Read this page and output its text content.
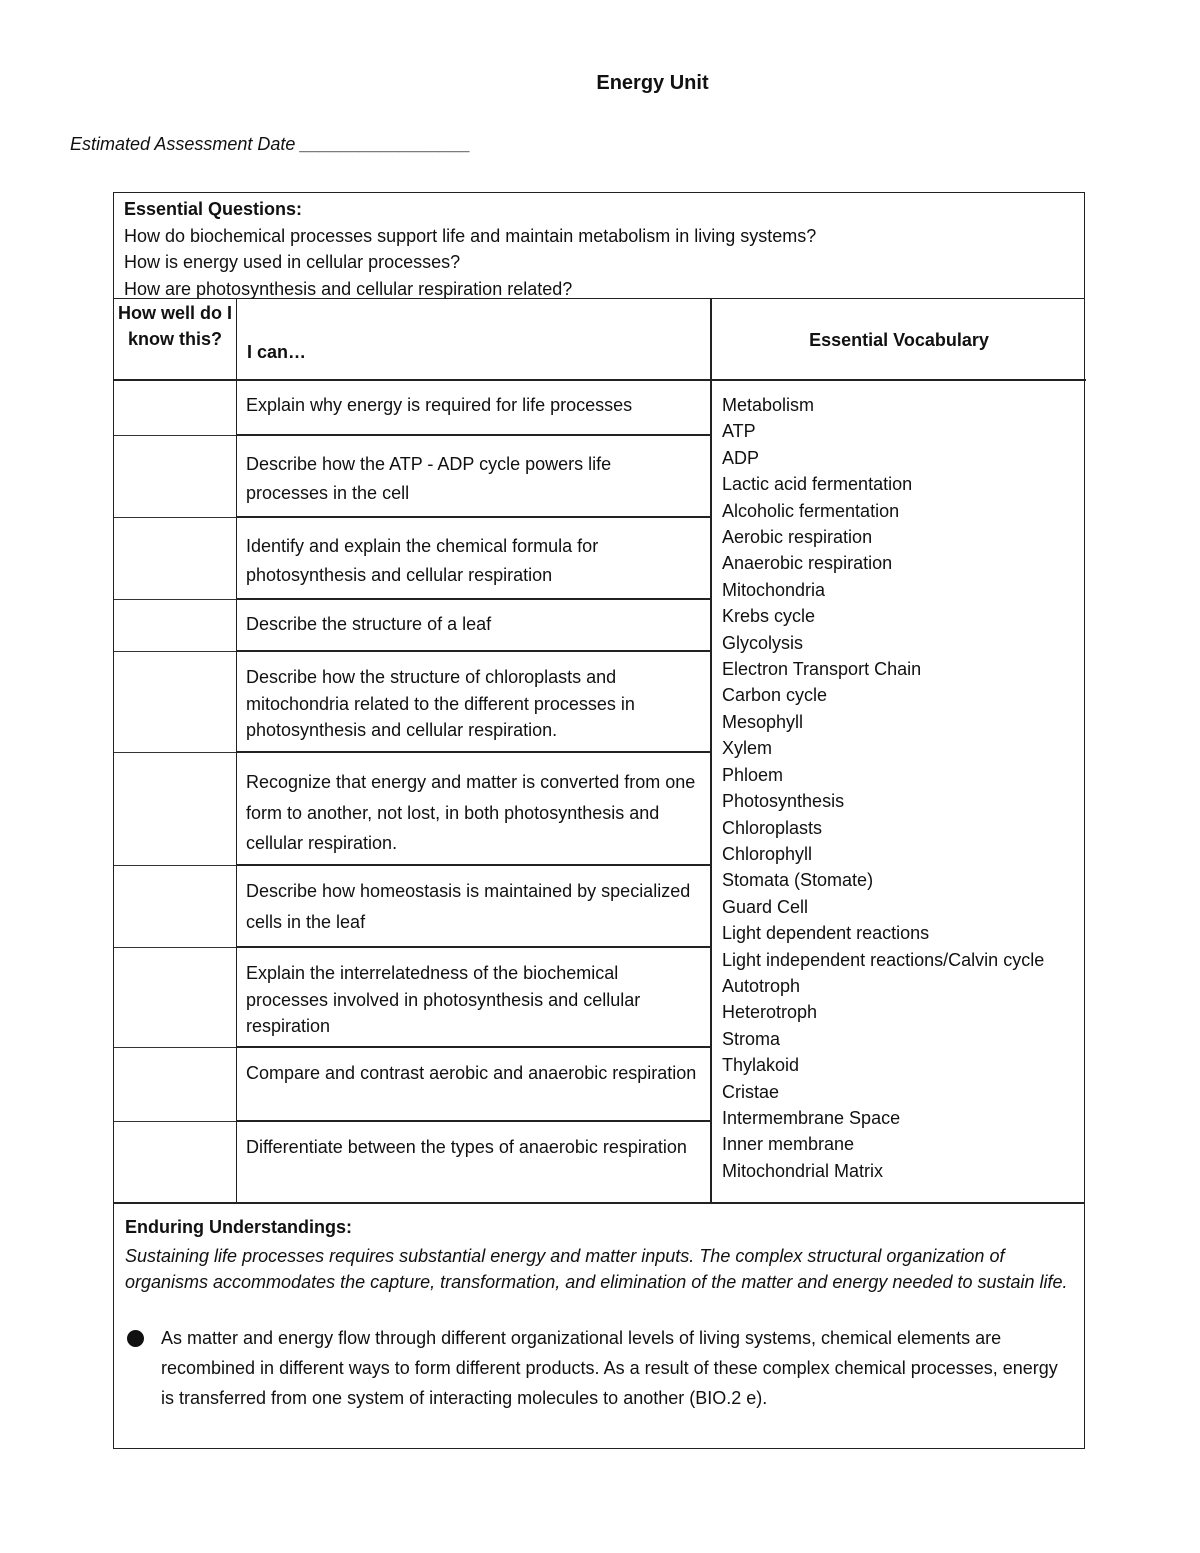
Energy Unit
Estimated Assessment Date _________________
Essential Questions:
How do biochemical processes support life and maintain metabolism in living systems?
How is energy used in cellular processes?
How are photosynthesis and cellular respiration related?
How well do I know this?
I can…
Explain why energy is required for life processes
Describe how the ATP - ADP cycle powers life processes in the cell
Identify and explain the chemical formula for photosynthesis and cellular respiration
Describe the structure of a leaf
Describe how the structure of chloroplasts and mitochondria related to the different processes in photosynthesis and cellular respiration.
Recognize that energy and matter is converted from one form to another, not lost, in both photosynthesis and cellular respiration.
Describe how homeostasis is maintained by specialized cells in the leaf
Explain the interrelatedness of the biochemical processes involved in photosynthesis and cellular respiration
Compare and contrast aerobic and anaerobic respiration
Differentiate between the types of anaerobic respiration
Essential Vocabulary
Metabolism
ATP
ADP
Lactic acid fermentation
Alcoholic fermentation
Aerobic respiration
Anaerobic respiration
Mitochondria
Krebs cycle
Glycolysis
Electron Transport Chain
Carbon cycle
Mesophyll
Xylem
Phloem
Photosynthesis
Chloroplasts
Chlorophyll
Stomata (Stomate)
Guard Cell
Light dependent reactions
Light independent reactions/Calvin cycle
Autotroph
Heterotroph
Stroma
Thylakoid
Cristae
Intermembrane Space
Inner membrane
Mitochondrial Matrix
Enduring Understandings:
Sustaining life processes requires substantial energy and matter inputs. The complex structural organization of organisms accommodates the capture, transformation, and elimination of the matter and energy needed to sustain life.
As matter and energy flow through different organizational levels of living systems, chemical elements are recombined in different ways to form different products. As a result of these complex chemical processes, energy is transferred from one system of interacting molecules to another (BIO.2 e).
